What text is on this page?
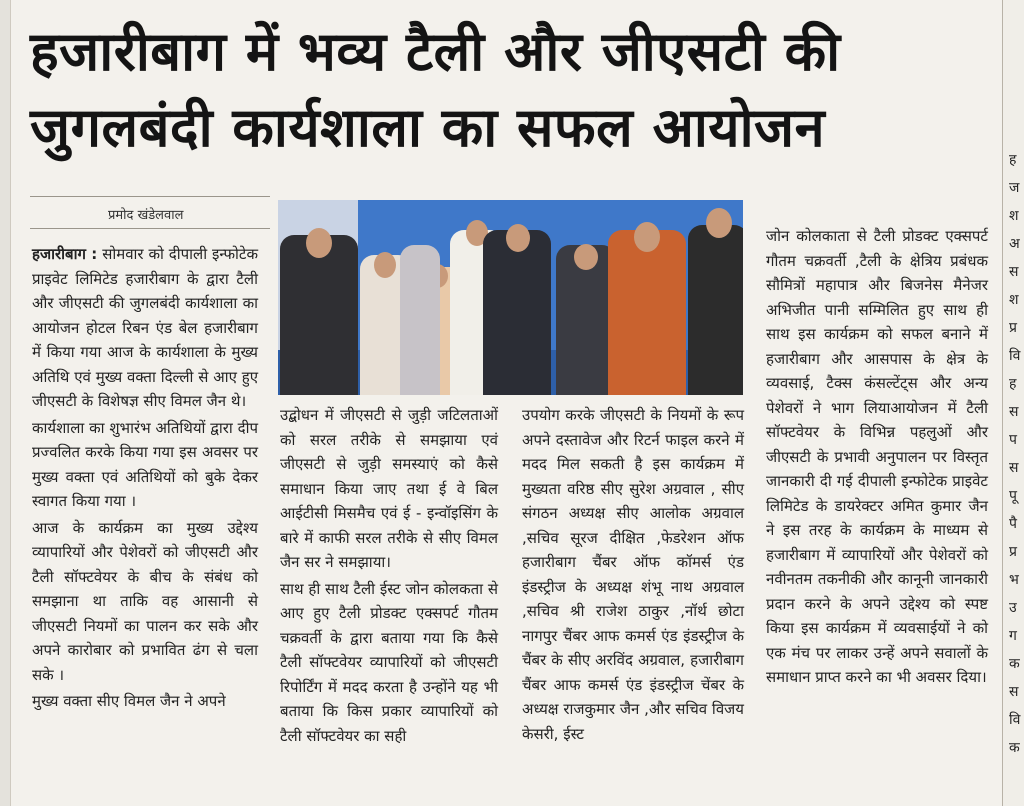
हजारीबाग में भव्य टैली और जीएसटी की
जुगलबंदी कार्यशाला का सफल आयोजन
प्रमोद खंडेलवाल

हजारीबाग : सोमवार को दीपाली इन्फोटेक प्राइवेट लिमिटेड हजारीबाग के द्वारा टैली और जीएसटी की जुगलबंदी कार्यशाला का आयोजन होटल रिबन एंड बेल हजारीबाग में किया गया आज के कार्यशाला के मुख्य अतिथि एवं मुख्य वक्ता दिल्ली से आए हुए जीएसटी के विशेषज्ञ सीए विमल जैन थे।

कार्यशाला का शुभारंभ अतिथियों द्वारा दीप प्रज्वलित करके किया गया इस अवसर पर मुख्य वक्ता एवं अतिथियों को बुके देकर स्वागत किया गया ।

आज के कार्यक्रम का मुख्य उद्देश्य व्यापारियों और पेशेवरों को जीएसटी और टैली सॉफ्टवेयर के बीच के संबंध को समझाना था ताकि वह आसानी से जीएसटी नियमों का पालन कर सके और अपने कारोबार को प्रभावित ढंग से चला सके ।

मुख्य वक्ता सीए विमल जैन ने अपने

उद्बोधन में जीएसटी से जुड़ी जटिलताओं को सरल तरीके से समझाया एवं जीएसटी से जुड़ी समस्याएं को कैसे समाधान किया जाए तथा ई वे बिल आईटीसी मिसमैच एवं ई - इन्वॉइसिंग के बारे में काफी सरल तरीके से सीए विमल जैन सर ने समझाया।

साथ ही साथ टैली ईस्ट जोन कोलकता से आए हुए टैली प्रोडक्ट एक्सपर्ट गौतम चक्रवर्ती के द्वारा बताया गया कि कैसे टैली सॉफ्टवेयर व्यापारियों को जीएसटी रिपोर्टिंग में मदद करता है उन्होंने यह भी बताया कि किस प्रकार व्यापारियों को टैली सॉफ्टवेयर का सही

उपयोग करके जीएसटी के नियमों के रूप अपने दस्तावेज और रिटर्न फाइल करने में मदद मिल सकती है इस कार्यक्रम में मुख्यता वरिष्ठ सीए सुरेश अग्रवाल , सीए संगठन अध्यक्ष सीए आलोक अग्रवाल ,सचिव सूरज दीक्षित ,फेडरेशन ऑफ हजारीबाग चैंबर ऑफ कॉमर्स एंड इंडस्ट्रीज के अध्यक्ष शंभू नाथ अग्रवाल ,सचिव श्री राजेश ठाकुर ,नॉर्थ छोटा नागपुर चैंबर आफ कमर्स एंड इंडस्ट्रीज के चैंबर के सीए अरविंद अग्रवाल, हजारीबाग चैंबर आफ कमर्स एंड इंडस्ट्रीज चेंबर के अध्यक्ष राजकुमार जैन ,और सचिव विजय केसरी, ईस्ट

जोन कोलकाता से टैली प्रोडक्ट एक्सपर्ट गौतम चक्रवर्ती ,टैली के क्षेत्रिय प्रबंधक सौमित्रों महापात्र और बिजनेस मैनेजर अभिजीत पानी सम्मिलित हुए साथ ही साथ इस कार्यक्रम को सफल बनाने में हजारीबाग और आसपास के क्षेत्र के व्यवसाई, टैक्स कंसल्टेंट्स और अन्य पेशेवरों ने भाग लियाआयोजन में टैली सॉफ्टवेयर के विभिन्न पहलुओं और जीएसटी के प्रभावी अनुपालन पर विस्तृत जानकारी दी गई दीपाली इन्फोटेक प्राइवेट लिमिटेड के डायरेक्टर अमित कुमार जैन ने इस तरह के कार्यक्रम के माध्यम से हजारीबाग में व्यापारियों और पेशेवरों को नवीनतम तकनीकी और कानूनी जानकारी प्रदान करने के अपने उद्देश्य को स्पष्ट किया इस कार्यक्रम में व्यवसाईयों ने को एक मंच पर लाकर उन्हें अपने सवालों के समाधान प्राप्त करने का भी अवसर दिया।

ह
ज
श
अ
स
श
प्र
वि
ह
स
प
स
पू
पै
प्र
भ
उ
ग
क
स
वि
क
